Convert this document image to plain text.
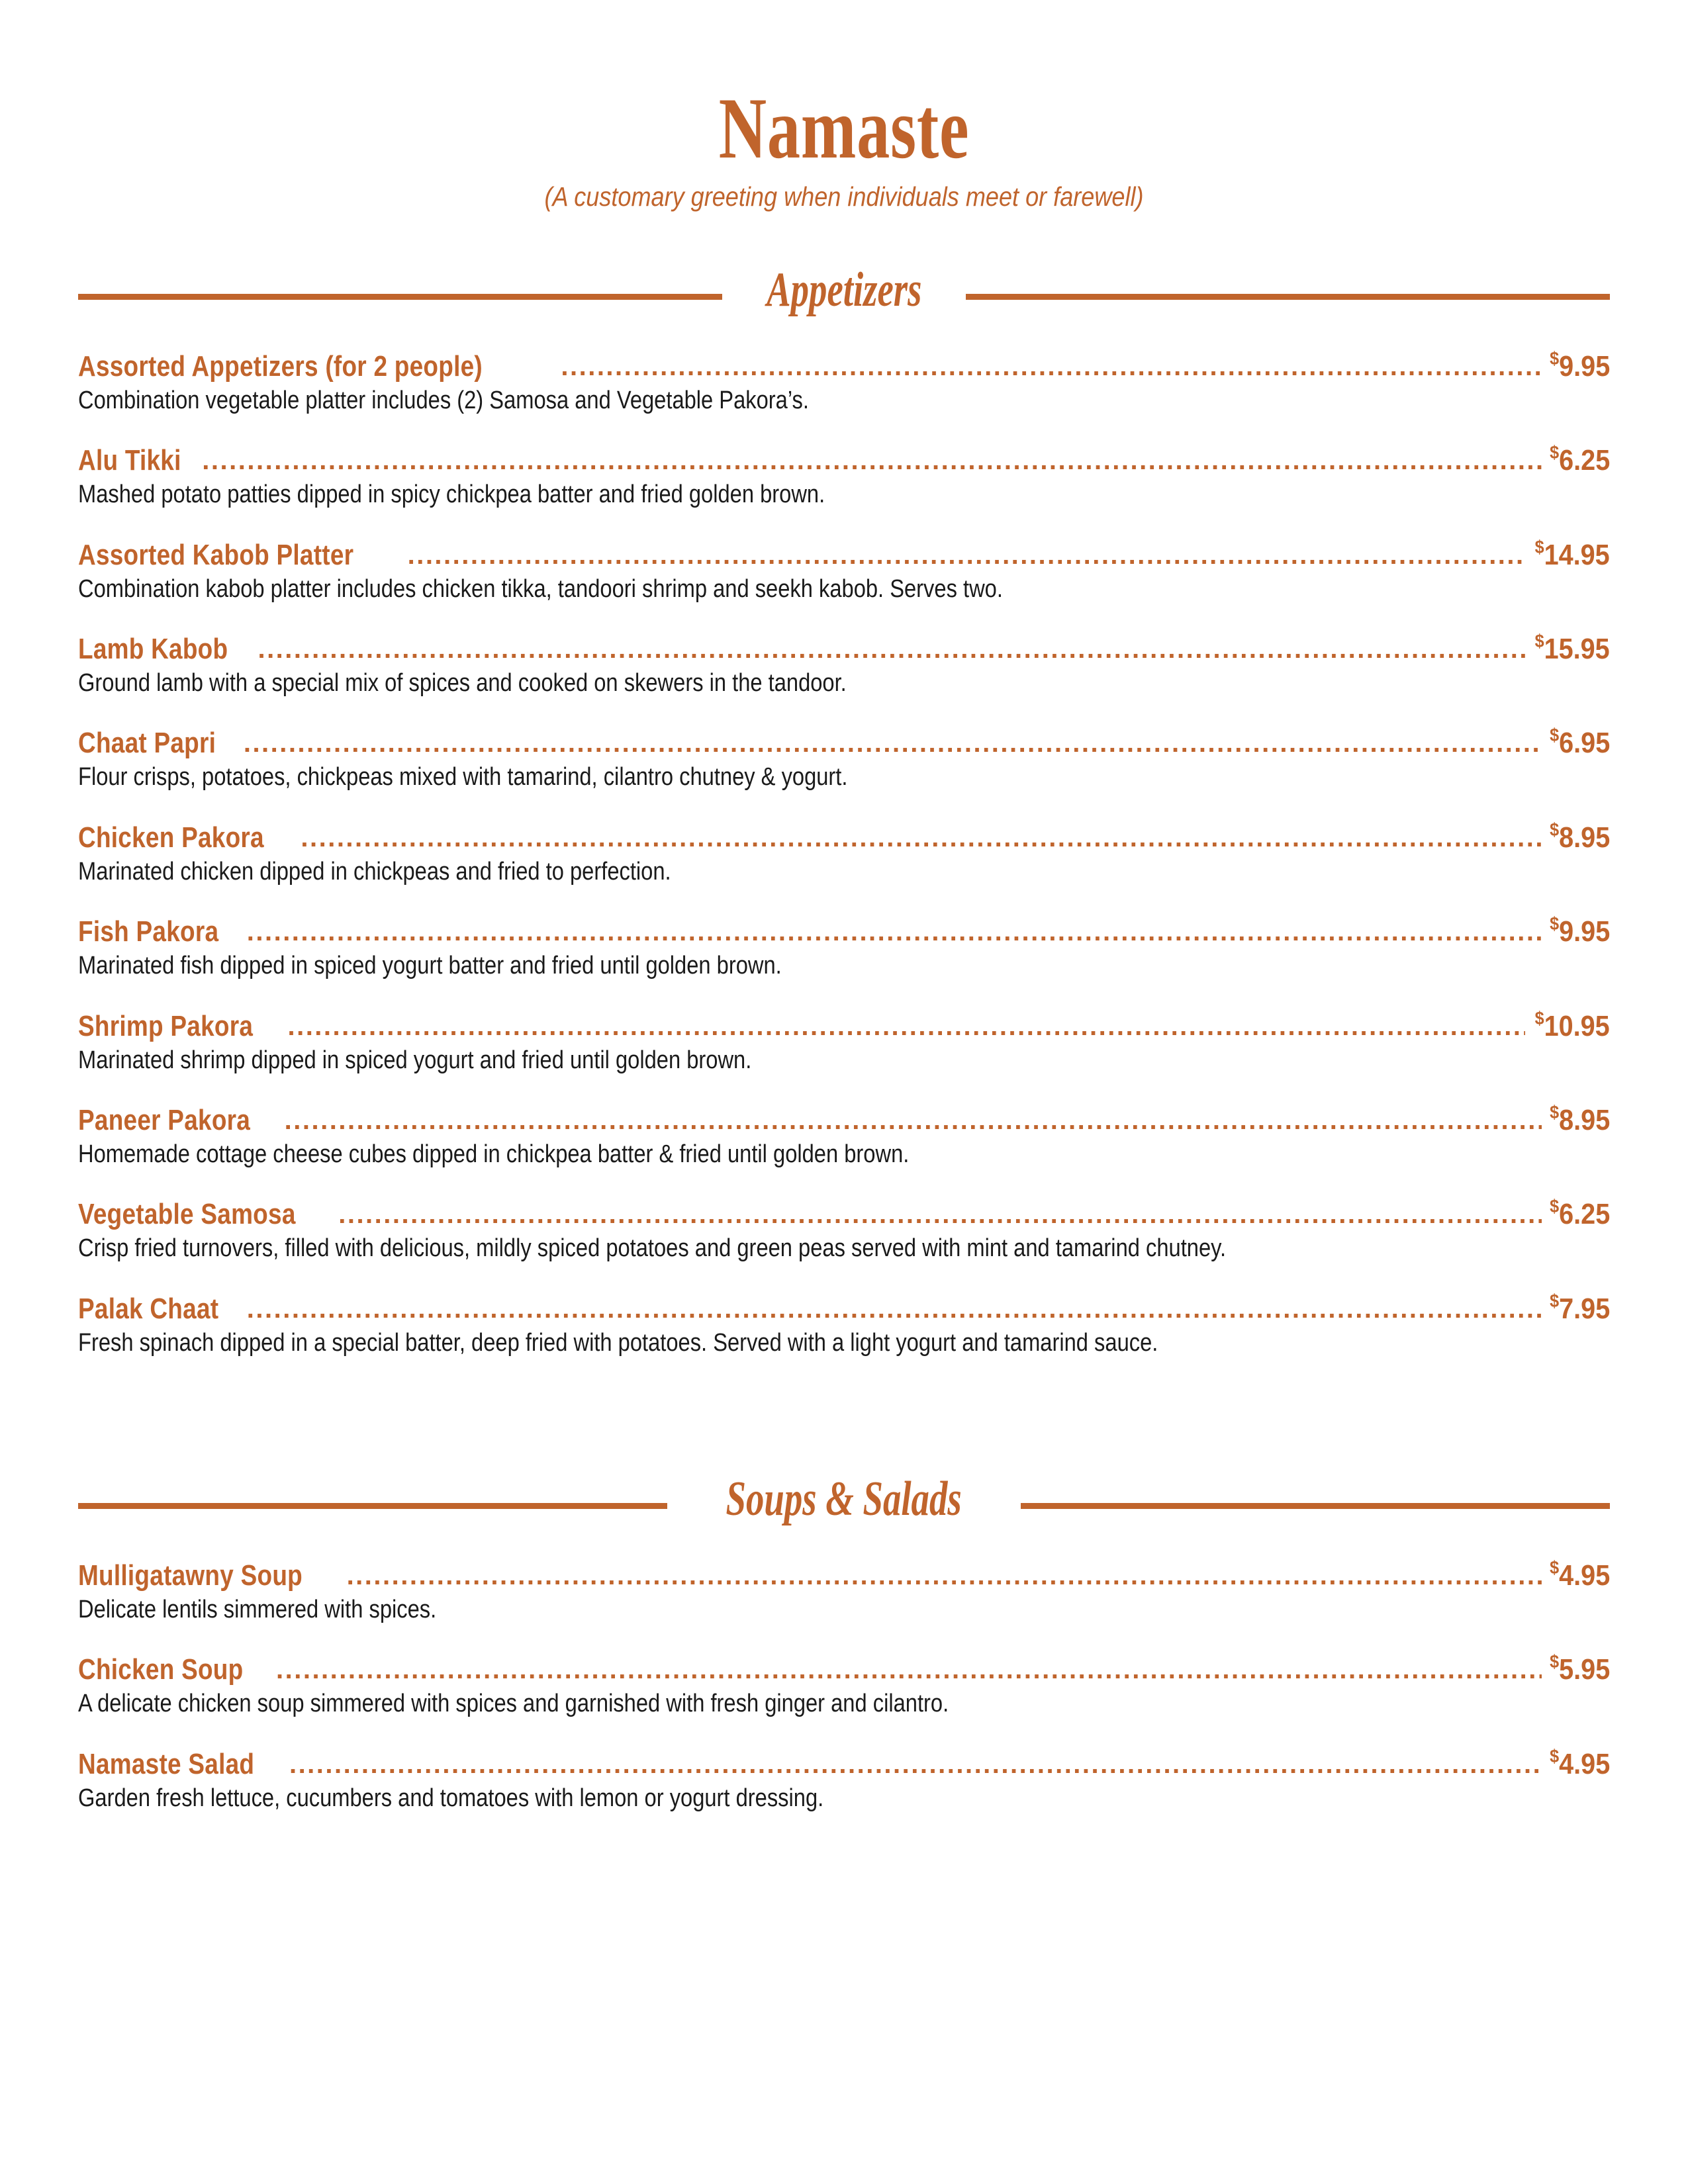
Namaste
(A customary greeting when individuals meet or farewell)
Appetizers
Assorted Appetizers (for 2 people) .....	$9.95
Combination vegetable platter includes (2) Samosa and Vegetable Pakora’s.
Alu Tikki .....	$6.25
Mashed potato patties dipped in spicy chickpea batter and fried golden brown.
Assorted Kabob Platter .....	$14.95
Combination kabob platter includes chicken tikka, tandoori shrimp and seekh kabob. Serves two.
Lamb Kabob .....	$15.95
Ground lamb with a special mix of spices and cooked on skewers in the tandoor.
Chaat Papri .....	$6.95
Flour crisps, potatoes, chickpeas mixed with tamarind, cilantro chutney & yogurt.
Chicken Pakora .....	$8.95
Marinated chicken dipped in chickpeas and fried to perfection.
Fish Pakora .....	$9.95
Marinated fish dipped in spiced yogurt batter and fried until golden brown.
Shrimp Pakora .....	$10.95
Marinated shrimp dipped in spiced yogurt and fried until golden brown.
Paneer Pakora .....	$8.95
Homemade cottage cheese cubes dipped in chickpea batter & fried until golden brown.
Vegetable Samosa .....	$6.25
Crisp fried turnovers, filled with delicious, mildly spiced potatoes and green peas served with mint and tamarind chutney.
Palak Chaat .....	$7.95
Fresh spinach dipped in a special batter, deep fried with potatoes. Served with a light yogurt and tamarind sauce.
Soups & Salads
Mulligatawny Soup .....	$4.95
Delicate lentils simmered with spices.
Chicken Soup .....	$5.95
A delicate chicken soup simmered with spices and garnished with fresh ginger and cilantro.
Namaste Salad .....	$4.95
Garden fresh lettuce, cucumbers and tomatoes with lemon or yogurt dressing.
